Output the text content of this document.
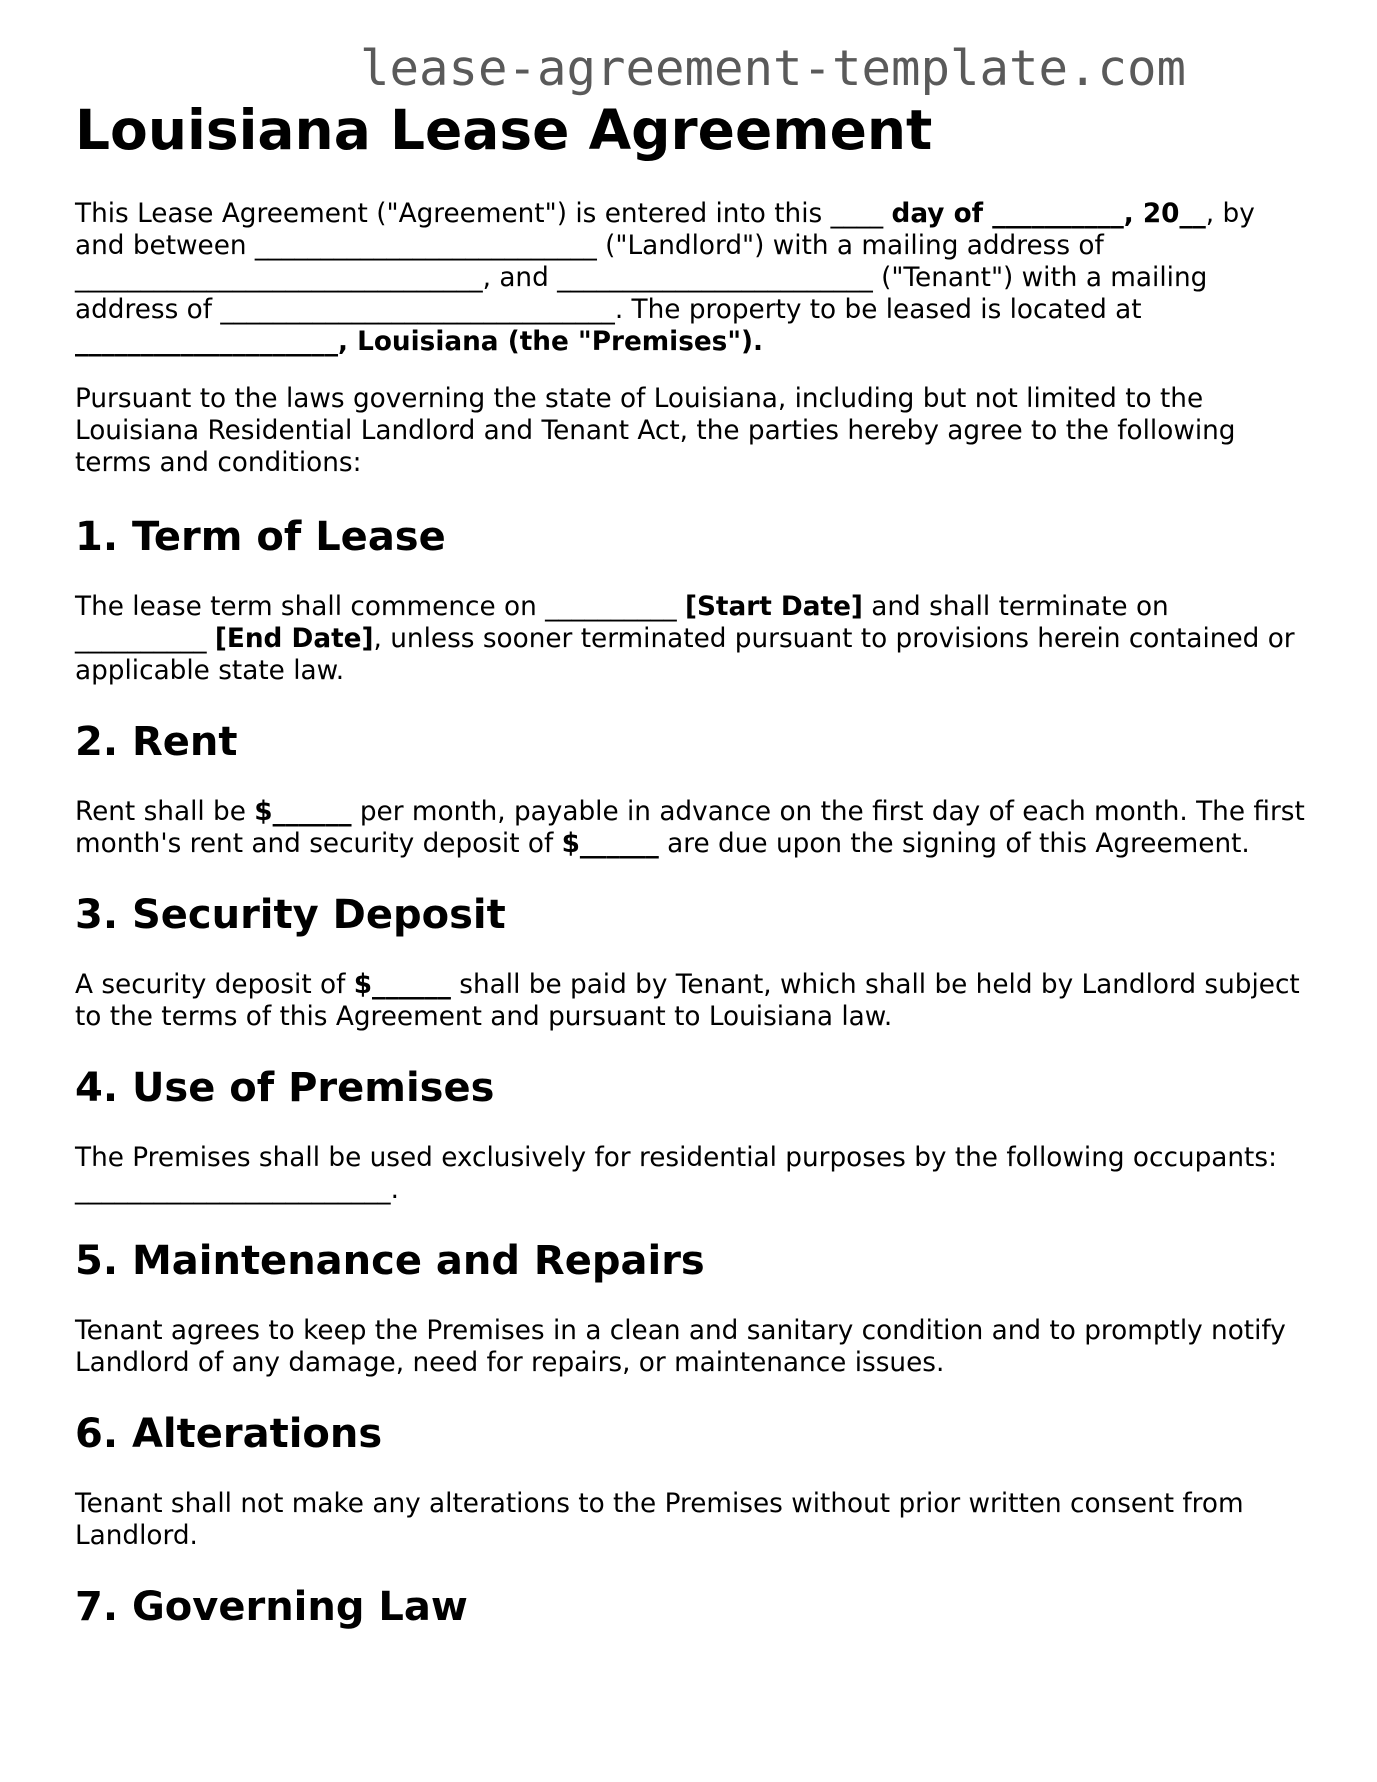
lease-agreement-template.com
Louisiana Lease Agreement

This Lease Agreement ("Agreement") is entered into this ____ day of __________, 20__, by and between __________________________ ("Landlord") with a mailing address of _______________________________, and ________________________ ("Tenant") with a mailing address of ______________________________. The property to be leased is located at ____________________, Louisiana (the "Premises").

Pursuant to the laws governing the state of Louisiana, including but not limited to the Louisiana Residential Landlord and Tenant Act, the parties hereby agree to the following terms and conditions:

1. Term of Lease

The lease term shall commence on __________ [Start Date] and shall terminate on __________ [End Date], unless sooner terminated pursuant to provisions herein contained or applicable state law.

2. Rent

Rent shall be $______ per month, payable in advance on the first day of each month. The first month's rent and security deposit of $______ are due upon the signing of this Agreement.

3. Security Deposit

A security deposit of $______ shall be paid by Tenant, which shall be held by Landlord subject to the terms of this Agreement and pursuant to Louisiana law.

4. Use of Premises

The Premises shall be used exclusively for residential purposes by the following occupants: ________________________.

5. Maintenance and Repairs

Tenant agrees to keep the Premises in a clean and sanitary condition and to promptly notify Landlord of any damage, need for repairs, or maintenance issues.

6. Alterations

Tenant shall not make any alterations to the Premises without prior written consent from Landlord.

7. Governing Law
